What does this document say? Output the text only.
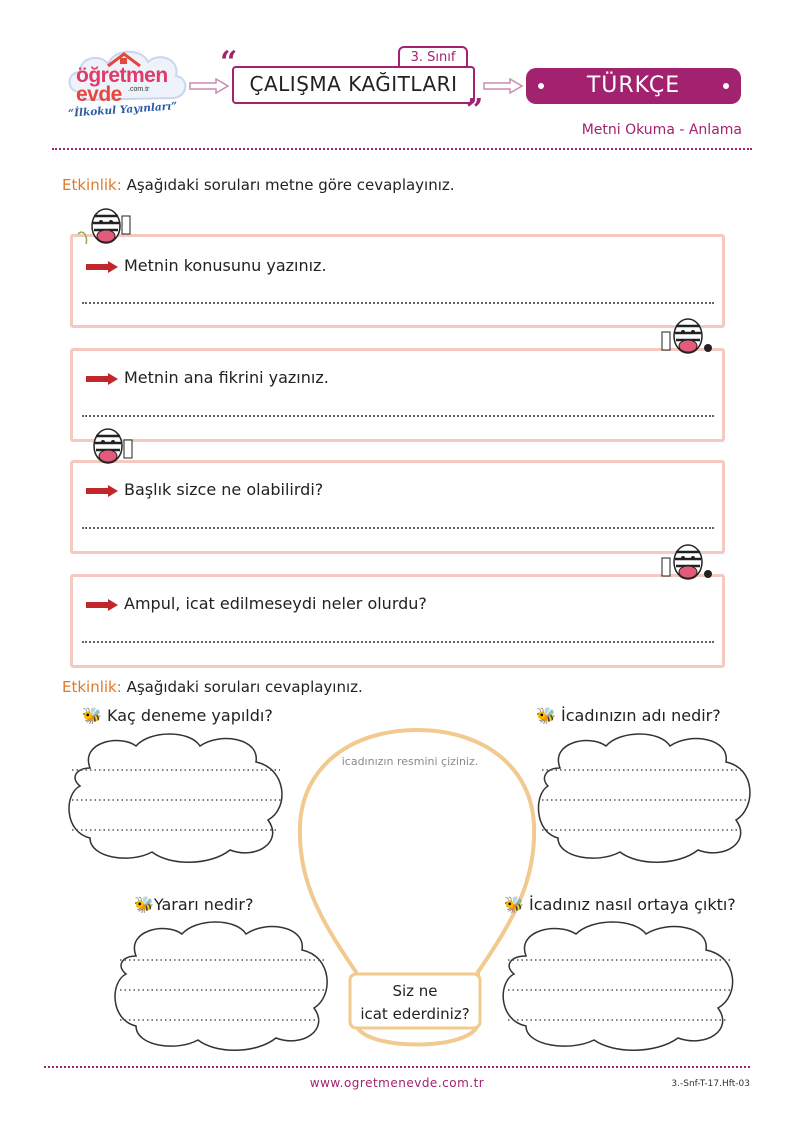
öğretmen
evde .com.tr
“İlkokul Yayınları”
“
”
3. Sınıf
ÇALIŞMA KAĞITLARI	TÜRKÇE
Metni Okuma - Anlama
Etkinlik: Aşağıdaki soruları metne göre cevaplayınız.
Metnin konusunu yazınız.
Metnin ana fikrini yazınız.
Başlık sizce ne olabilirdi?
Ampul, icat edilmeseydi neler olurdu?
Etkinlik: Aşağıdaki soruları cevaplayınız.
icadınızın resmini çiziniz.
Siz ne
icat ederdiniz?
🐝 Kaç deneme yapıldı?	🐝 İcadınızın adı nedir?
🐝Yararı nedir?	🐝 İcadınız nasıl ortaya çıktı?
www.ogretmenevde.com.tr	3.-Snf-T-17.Hft-03
